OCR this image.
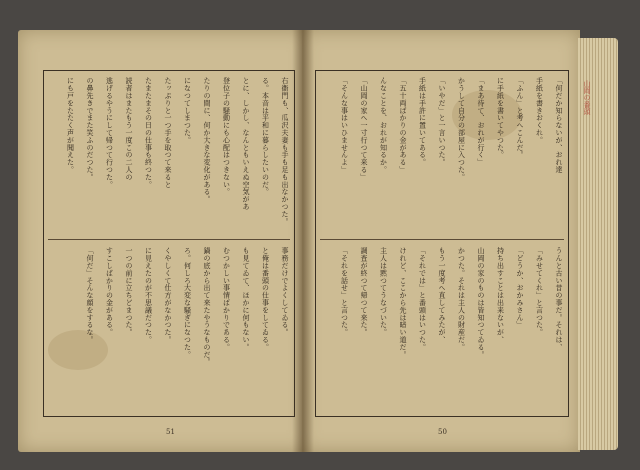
右衞門も、瓜沢夫妻も手も足も出なかつた。
る。本音は平和に暮らしたいのだ。
とに、しかし、なんともいえぬ空気があ
登位子の騒動にも心配はつきない。
たりの間に、何か大きな変化がある。
になつてしまつた。
たッぷりと一つ手を取つて来ると
たまたまその日の仕事も終つた。
読者はまたもう一度この二人の
逃げるやうにして帰つて行つた。
の鼻先きでまた笑ふのだつた。
にも戸をたたく声が聞えた。
事務だけでよくしてゐる。
と俺は番頭の仕事をしてゐる。
も見てゐて、ほかに何もない。
むつかしい事情ばかりである。
鍋の底から出て来たやうなものだ。
ろ。何しろ大変な騒ぎになつた。
くやしくて仕方がなかつた。
に見えたのが不思議だつた。
一つの前に立ちどまつた。
すこしばかりの金がある。
「何だ」そんな顔をするな。
51
「何だか知らないが、おれ達
手紙を書きおくれ。
「ふん」と考へこんだ。
に手紙を書いてやつた。
「まあ待て、おれが行く」
かうして自分の部屋に入つた。
「いやだ」と一言いつた。
手紙は手許に置いてある。
「五十両ばかりの金がある」
んなことを、おれが知るか。
「山岡の家へ一寸行つて来る」
「そんな事はいひませんよ」
うんと古い昔の事だ。それは、
「みせてくれ」と言つた。
「どうか、おかみさん」
持ち出すことは出来ないが、
山岡の家のものは皆知つてゐる。
かつた。それは主人の財産だ。
もう一度考へ直してみたが、
「それでは」と番頭はいつた。
けれど、ここから先は暗い道だ。
主人は黙つてうなづいた。
調査が終つて帰つて来た。
「それを話せ」と言つた。
50
山岡の番頭
